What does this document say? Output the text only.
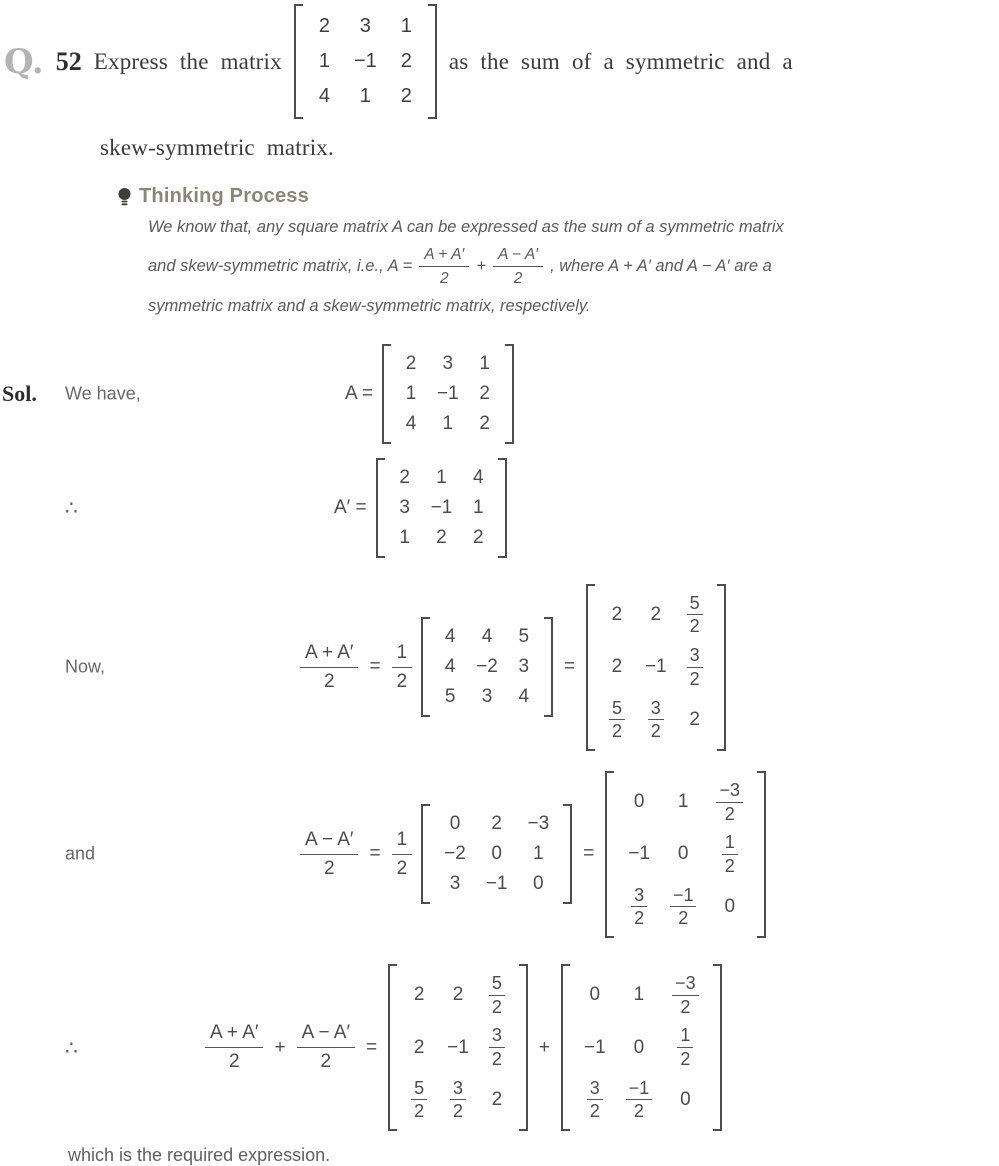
Q. 52 Express the matrix
2	3	1
1	−1	2
4	1	2
as the sum of a symmetric and a
skew-symmetric matrix.
Thinking Process
We know that, any square matrix A can be expressed as the sum of a symmetric matrix
and skew-symmetric matrix, i.e., $A = \frac{A + A'}{2} + \frac{A - A'}{2}$ , where A + A′ and A − A′ are a
symmetric matrix and a skew-symmetric matrix, respectively.
Sol. We have,	A =
2	3	1
1	−1	2
4	1	2
∴	A′ =
2	1	4
3	−1	1
1	2	2
Now,	$\frac{A + A'}{2} = \frac{1}{2}$
4	4	5
4	−2	3
5	3	4
=
2	2	$\frac{5}{2}$

2	−1	$\frac{3}{2}$

$\frac{5}{2}$	$\frac{3}{2}$	2
and	$\frac{A - A'}{2} = \frac{1}{2}$
0	2	−3
−2	0	1
3	−1	0
=
0	1	$\frac{-3}{2}$

−1	0	$\frac{1}{2}$

$\frac{3}{2}$	$\frac{-1}{2}$	0
∴	$\frac{A + A'}{2} + \frac{A - A'}{2}$ =
2	2	$\frac{5}{2}$

2	−1	$\frac{3}{2}$

$\frac{5}{2}$	$\frac{3}{2}$	2
+
0	1	$\frac{-3}{2}$

−1	0	$\frac{1}{2}$

$\frac{3}{2}$	$\frac{-1}{2}$	0
which is the required expression.
